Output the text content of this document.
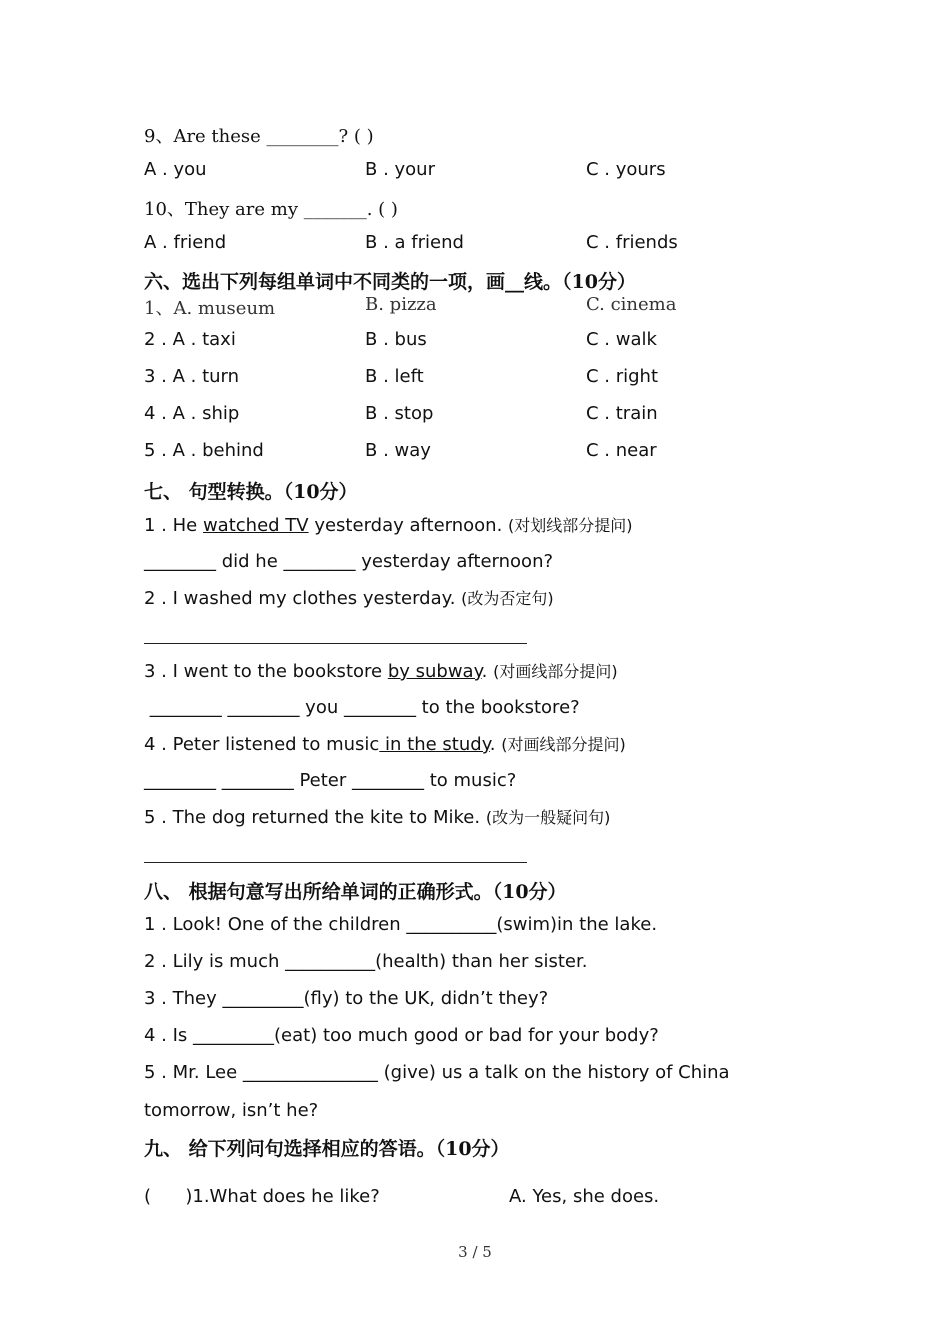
9、Are these ________? ( )
A . you	B . your	C . yours
10、They are my _______. ( )
A . friend	B . a friend	C . friends
六、选出下列每组单词中不同类的一项，画__线。（10分）
1、A. museum	B. pizza	C. cinema
2 . A . taxi	B . bus	C . walk
3 . A . turn	B . left	C . right
4 . A . ship	B . stop	C . train
5 . A . behind	B . way	C . near
七、 句型转换。（10分）
1 . He watched TV yesterday afternoon. (对划线部分提问)
________ did he ________ yesterday afternoon?
2 . I washed my clothes yesterday. (改为否定句)
3 . I went to the bookstore by subway. (对画线部分提问)
________ ________ you ________ to the bookstore?
4 . Peter listened to music in the study. (对画线部分提问)
________ ________ Peter ________ to music?
5 . The dog returned the kite to Mike. (改为一般疑问句)
八、 根据句意写出所给单词的正确形式。（10分）
1 . Look! One of the children __________(swim)in the lake.
2 . Lily is much __________(health) than her sister.
3 . They _________(fly) to the UK, didn’t they?
4 . Is _________(eat) too much good or bad for your body?
5 . Mr. Lee _______________ (give) us a talk on the history of China
tomorrow, isn’t he?
九、 给下列问句选择相应的答语。（10分）
(      )1.What does he like?	A. Yes, she does.
3 / 5
